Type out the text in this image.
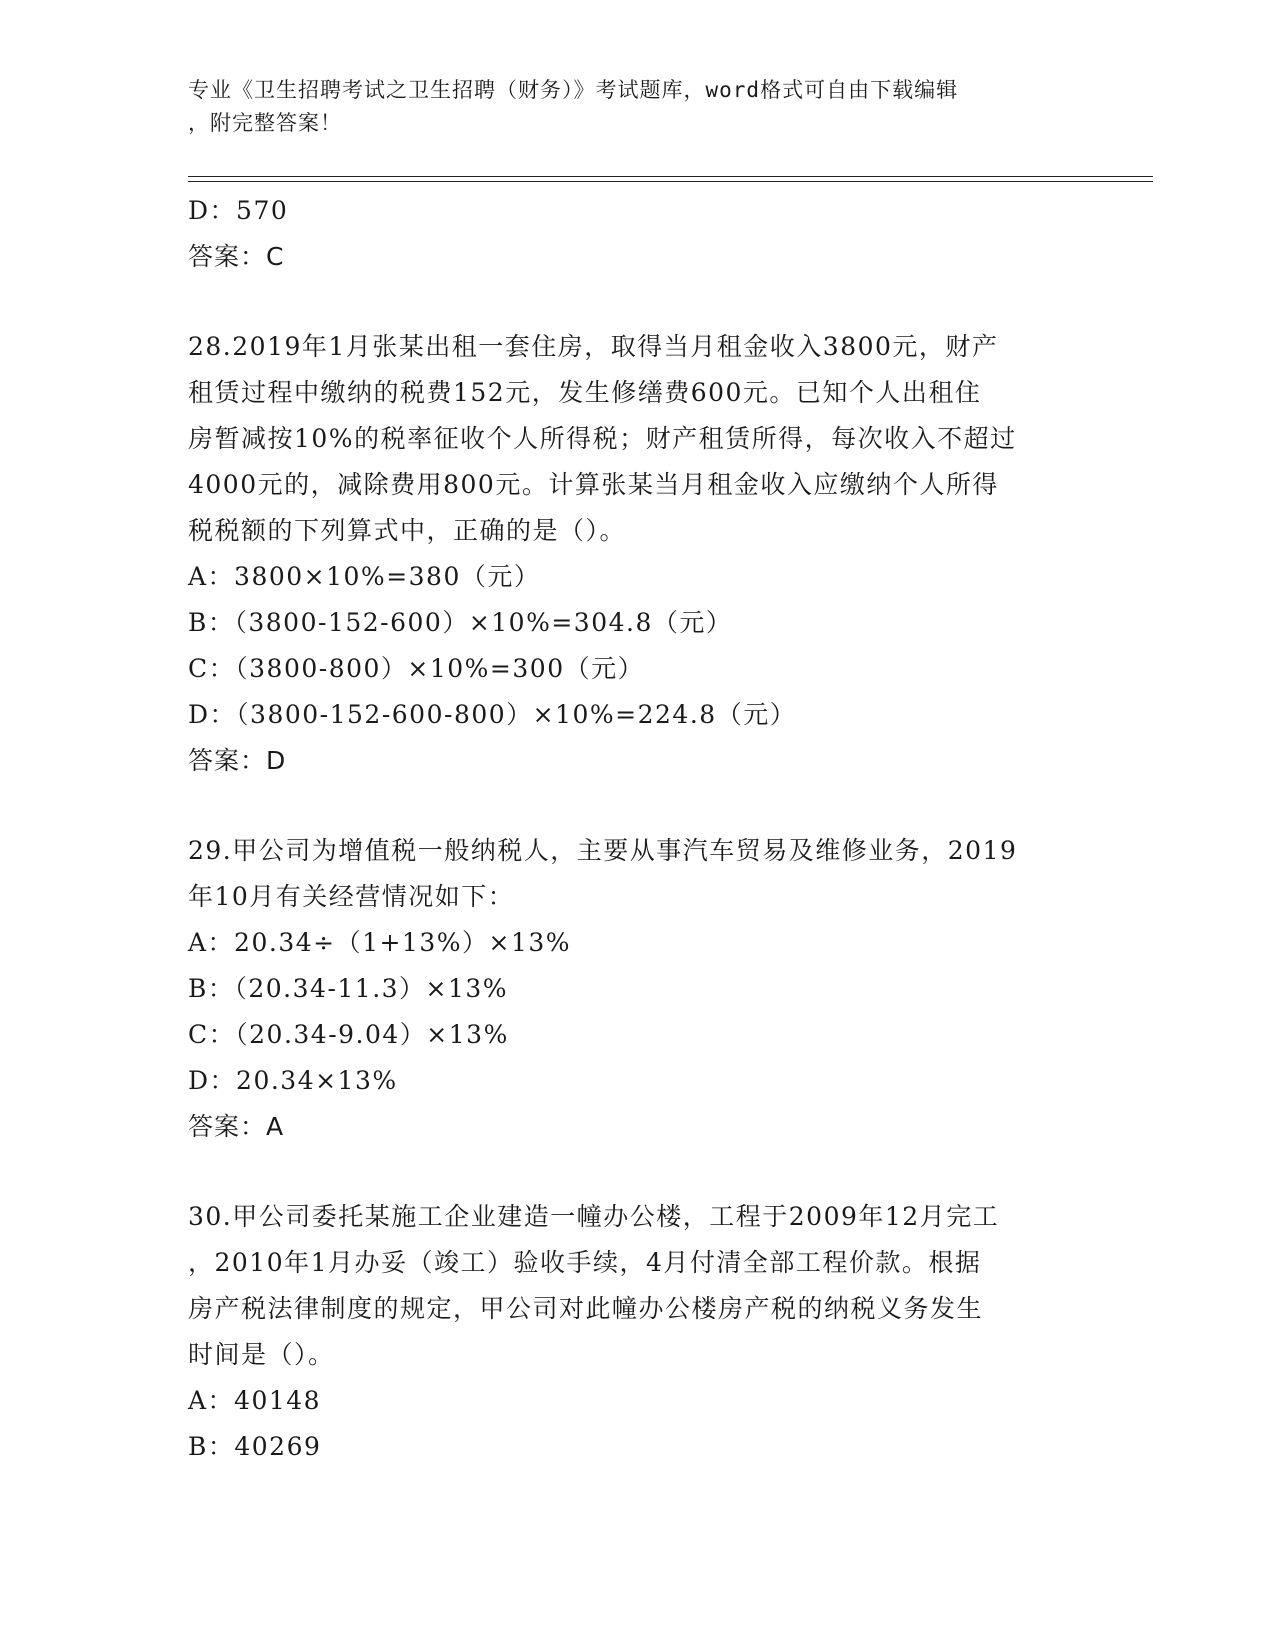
专业《卫生招聘考试之卫生招聘（财务）》考试题库，word格式可自由下载编辑
，附完整答案！
D：570
答案：C
28.2019年1月张某出租一套住房，取得当月租金收入3800元，财产
租赁过程中缴纳的税费152元，发生修缮费600元。已知个人出租住
房暂减按10%的税率征收个人所得税；财产租赁所得，每次收入不超过
4000元的，减除费用800元。计算张某当月租金收入应缴纳个人所得
税税额的下列算式中，正确的是（）。
A：3800×10%=380（元）
B：（3800-152-600）×10%=304.8（元）
C：（3800-800）×10%=300（元）
D：（3800-152-600-800）×10%=224.8（元）
答案：D
29.甲公司为增值税一般纳税人，主要从事汽车贸易及维修业务，2019
年10月有关经营情况如下：
A：20.34÷（1+13%）×13%
B：（20.34-11.3）×13%
C：（20.34-9.04）×13%
D：20.34×13%
答案：A
30.甲公司委托某施工企业建造一幢办公楼，工程于2009年12月完工
，2010年1月办妥（竣工）验收手续，4月付清全部工程价款。根据
房产税法律制度的规定，甲公司对此幢办公楼房产税的纳税义务发生
时间是（）。
A：40148
B：40269
